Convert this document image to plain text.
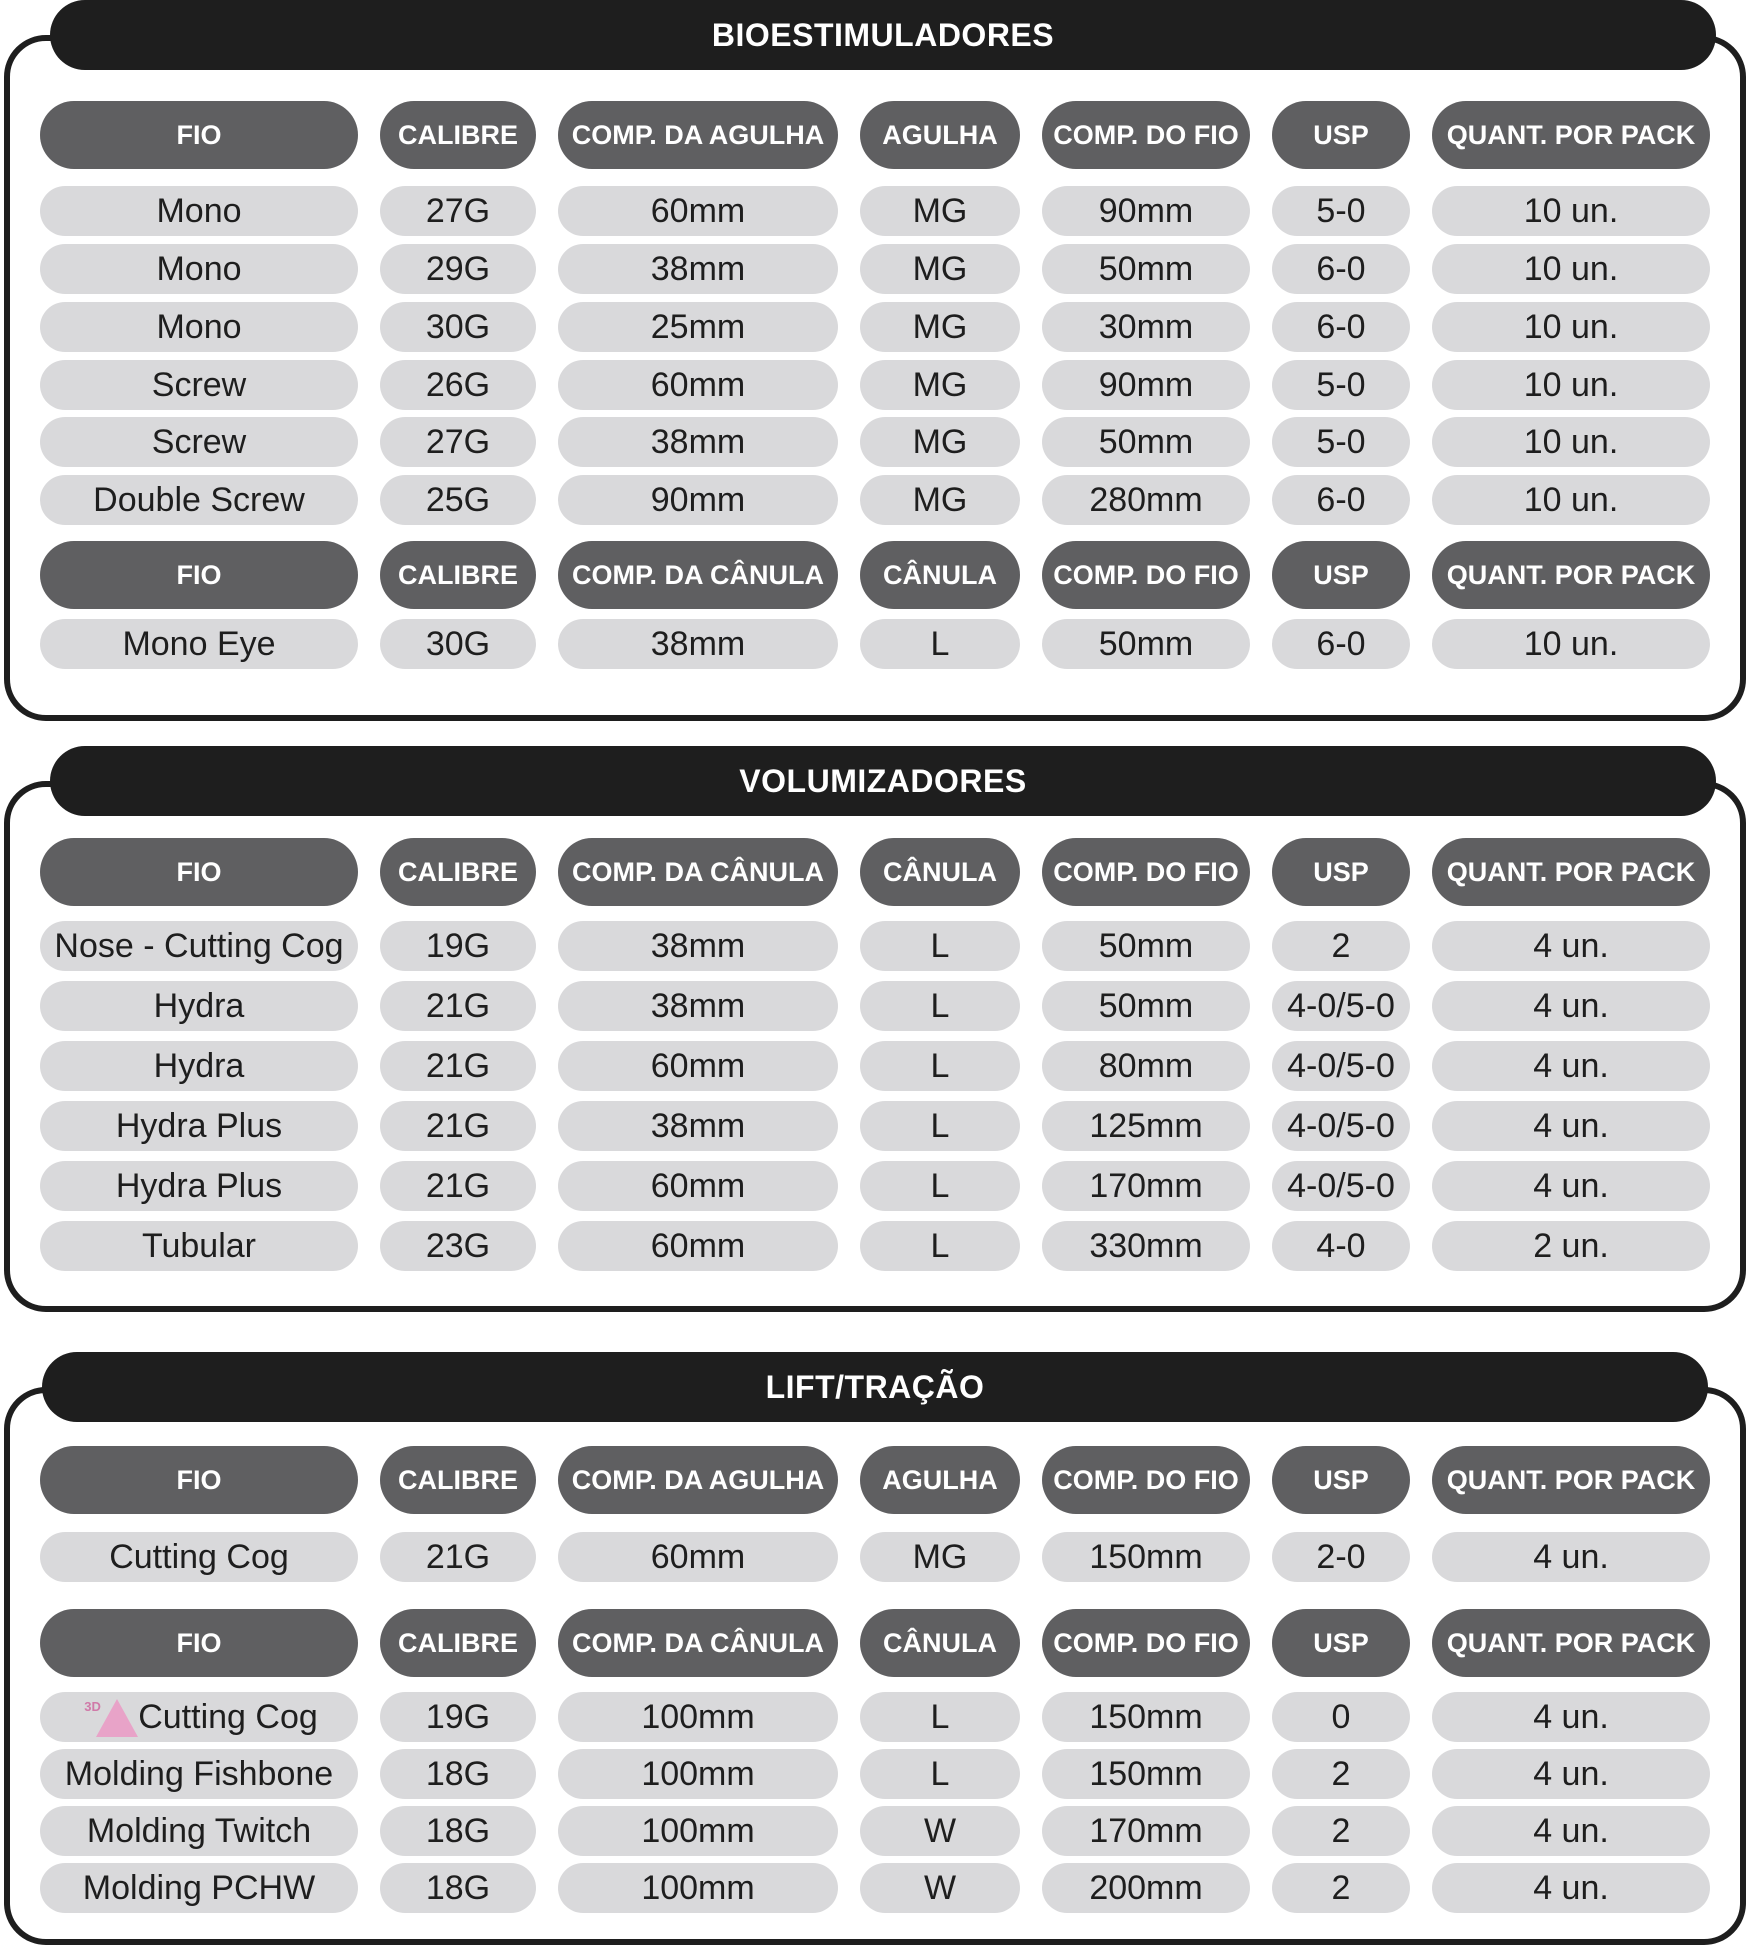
BIOESTIMULADORES
FIO	CALIBRE	COMP. DA AGULHA	AGULHA	COMP. DO FIO	USP	QUANT. POR PACK
Mono	27G	60mm	MG	90mm	5-0	10 un.
Mono	29G	38mm	MG	50mm	6-0	10 un.
Mono	30G	25mm	MG	30mm	6-0	10 un.
Screw	26G	60mm	MG	90mm	5-0	10 un.
Screw	27G	38mm	MG	50mm	5-0	10 un.
Double Screw	25G	90mm	MG	280mm	6-0	10 un.
FIO	CALIBRE	COMP. DA CÂNULA	CÂNULA	COMP. DO FIO	USP	QUANT. POR PACK
Mono Eye	30G	38mm	L	50mm	6-0	10 un.
VOLUMIZADORES
FIO	CALIBRE	COMP. DA CÂNULA	CÂNULA	COMP. DO FIO	USP	QUANT. POR PACK
Nose - Cutting Cog	19G	38mm	L	50mm	2	4 un.
Hydra	21G	38mm	L	50mm	4-0/5-0	4 un.
Hydra	21G	60mm	L	80mm	4-0/5-0	4 un.
Hydra Plus	21G	38mm	L	125mm	4-0/5-0	4 un.
Hydra Plus	21G	60mm	L	170mm	4-0/5-0	4 un.
Tubular	23G	60mm	L	330mm	4-0	2 un.
LIFT/TRAÇÃO
FIO	CALIBRE	COMP. DA AGULHA	AGULHA	COMP. DO FIO	USP	QUANT. POR PACK
Cutting Cog	21G	60mm	MG	150mm	2-0	4 un.
FIO	CALIBRE	COMP. DA CÂNULA	CÂNULA	COMP. DO FIO	USP	QUANT. POR PACK
3D Cutting Cog	19G	100mm	L	150mm	0	4 un.
Molding Fishbone	18G	100mm	L	150mm	2	4 un.
Molding Twitch	18G	100mm	W	170mm	2	4 un.
Molding PCHW	18G	100mm	W	200mm	2	4 un.
